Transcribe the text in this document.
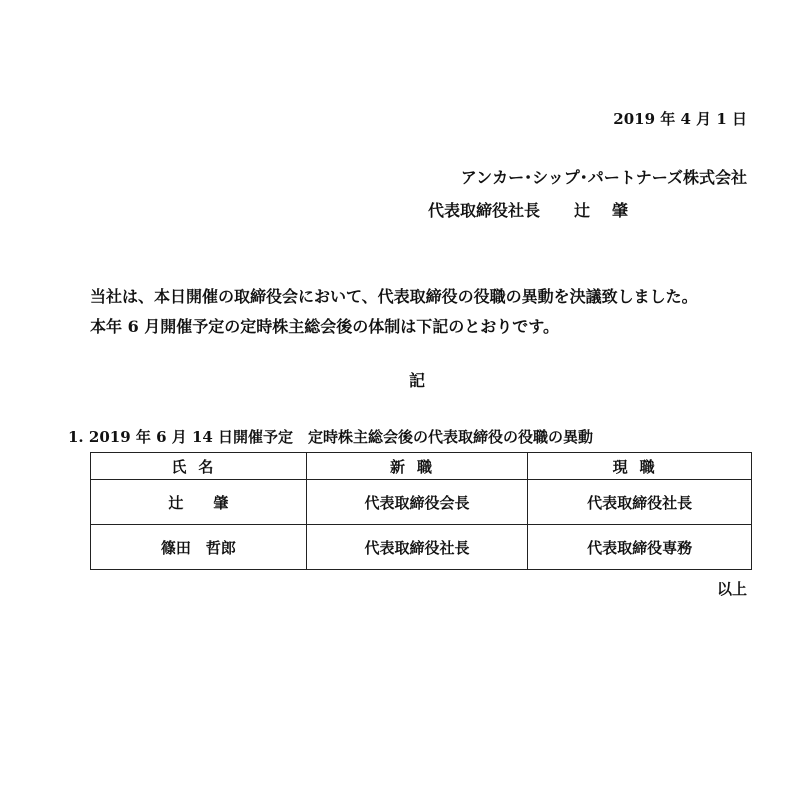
2019 年 4 月 1 日
アンカー･シップ･パートナーズ株式会社
代表取締役社長 辻 肇
当社は、本日開催の取締役会において、代表取締役の役職の異動を決議致しました。
本年 6 月開催予定の定時株主総会後の体制は下記のとおりです。
記
1. 2019 年 6 月 14 日開催予定　定時株主総会後の代表取締役の役職の異動
氏名	新職	現職
辻　　肇	代表取締役会長	代表取締役社長
篠田　哲郎	代表取締役社長	代表取締役専務
以上
